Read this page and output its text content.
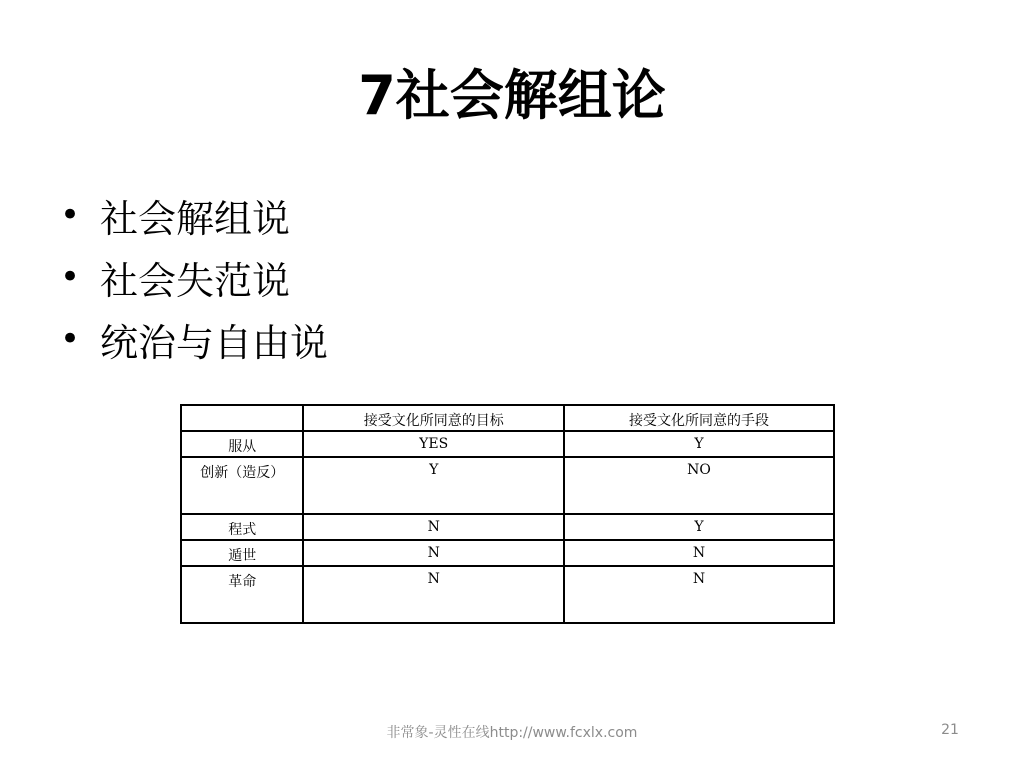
7社会解组论
• 社会解组说
• 社会失范说
• 统治与自由说
	接受文化所同意的目标	接受文化所同意的手段
服从	YES	Y
创新（造反）	Y	NO
程式	N	Y
遁世	N	N
革命	N	N
非常象-灵性在线http://www.fcxlx.com	21
